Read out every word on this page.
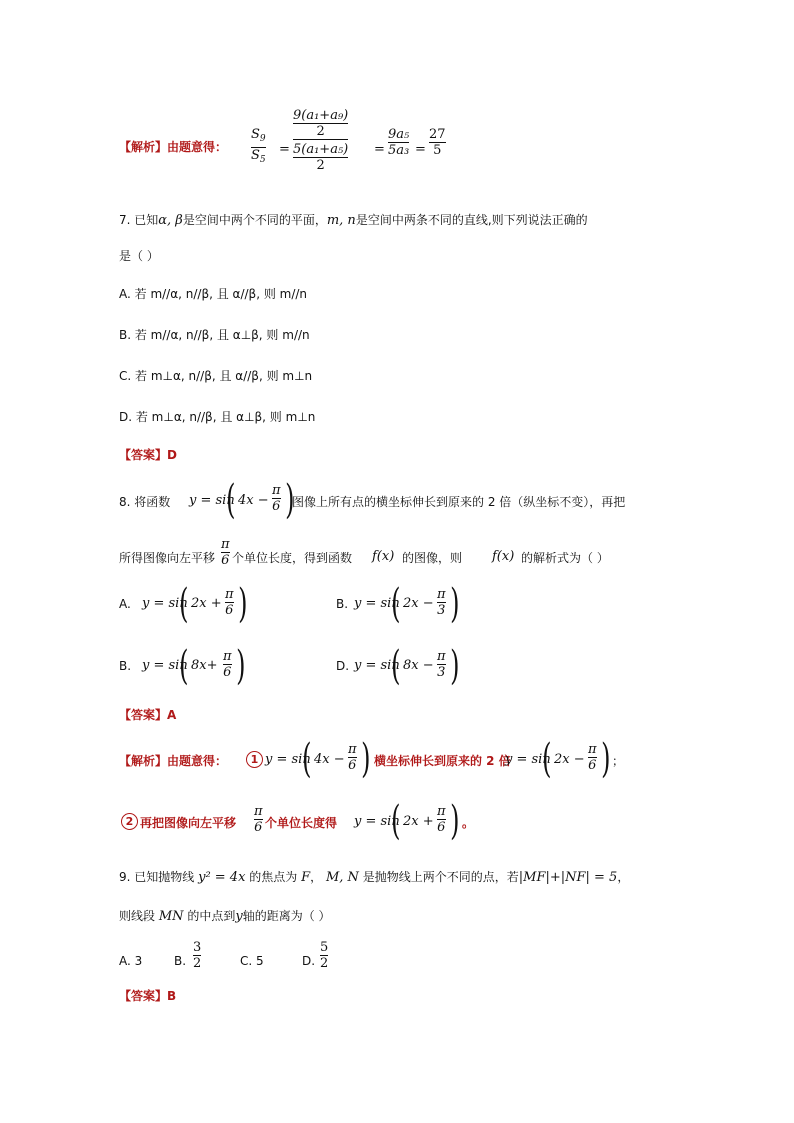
【解析】由题意得： $\frac{S_9}{S_5} = \frac{\frac{\text{9(a₁+a₉)}}{2}}{\frac{\text{5(a₁+a₅)}}{2}} = \frac{\text{9a₅}}{\text{5a₃}} = \frac{27}{5}$
7. 已知α, β是空间中两个不同的平面，m, n是空间中两条不同的直线,则下列说法正确的
是（ ）
A. 若 m//α, n//β, 且 α//β, 则 m//n
B. 若 m//α, n//β, 且 α⊥β, 则 m//n
C. 若 m⊥α, n//β, 且 α//β, 则 m⊥n
D. 若 m⊥α, n//β, 且 α⊥β, 则 m⊥n
【答案】D
8. 将函数 y = sin
( $4x - \frac{\pi}{6}$ )
图像上所有点的横坐标伸长到原来的 2 倍（纵坐标不变），再把
所得图像向左平移 $\frac{\pi}{6}$ 个单位长度，得到函数 f(x) 的图像，则 f(x) 的解析式为（ ）
A. y = sin
( $2x + \frac{\pi}{6}$ )	B. y = sin
( $2x - \frac{\pi}{3}$ )
B. y = sin
( $8x+ \frac{\pi}{6}$ )	D. y = sin
( $8x - \frac{\pi}{3}$ )
【答案】A
【解析】由题意得：	1 y = sin
( $4x - \frac{\pi}{6}$ ) 横坐标伸长到原来的 2 倍
y = sin
( $2x - \frac{\pi}{6}$ ) ；
2 再把图像向左平移 $\frac{\pi}{6}$ 个单位长度得 y = sin
( $2x + \frac{\pi}{6}$ ) 。
9. 已知抛物线 y² = 4x 的焦点为 F， M, N 是抛物线上两个不同的点，若|MF|+|NF| = 5，
则线段 MN 的中点到y轴的距离为（ ）
A. 3	B. $\frac{3}{2}$	C. 5	D. $\frac{5}{2}$
【答案】B
